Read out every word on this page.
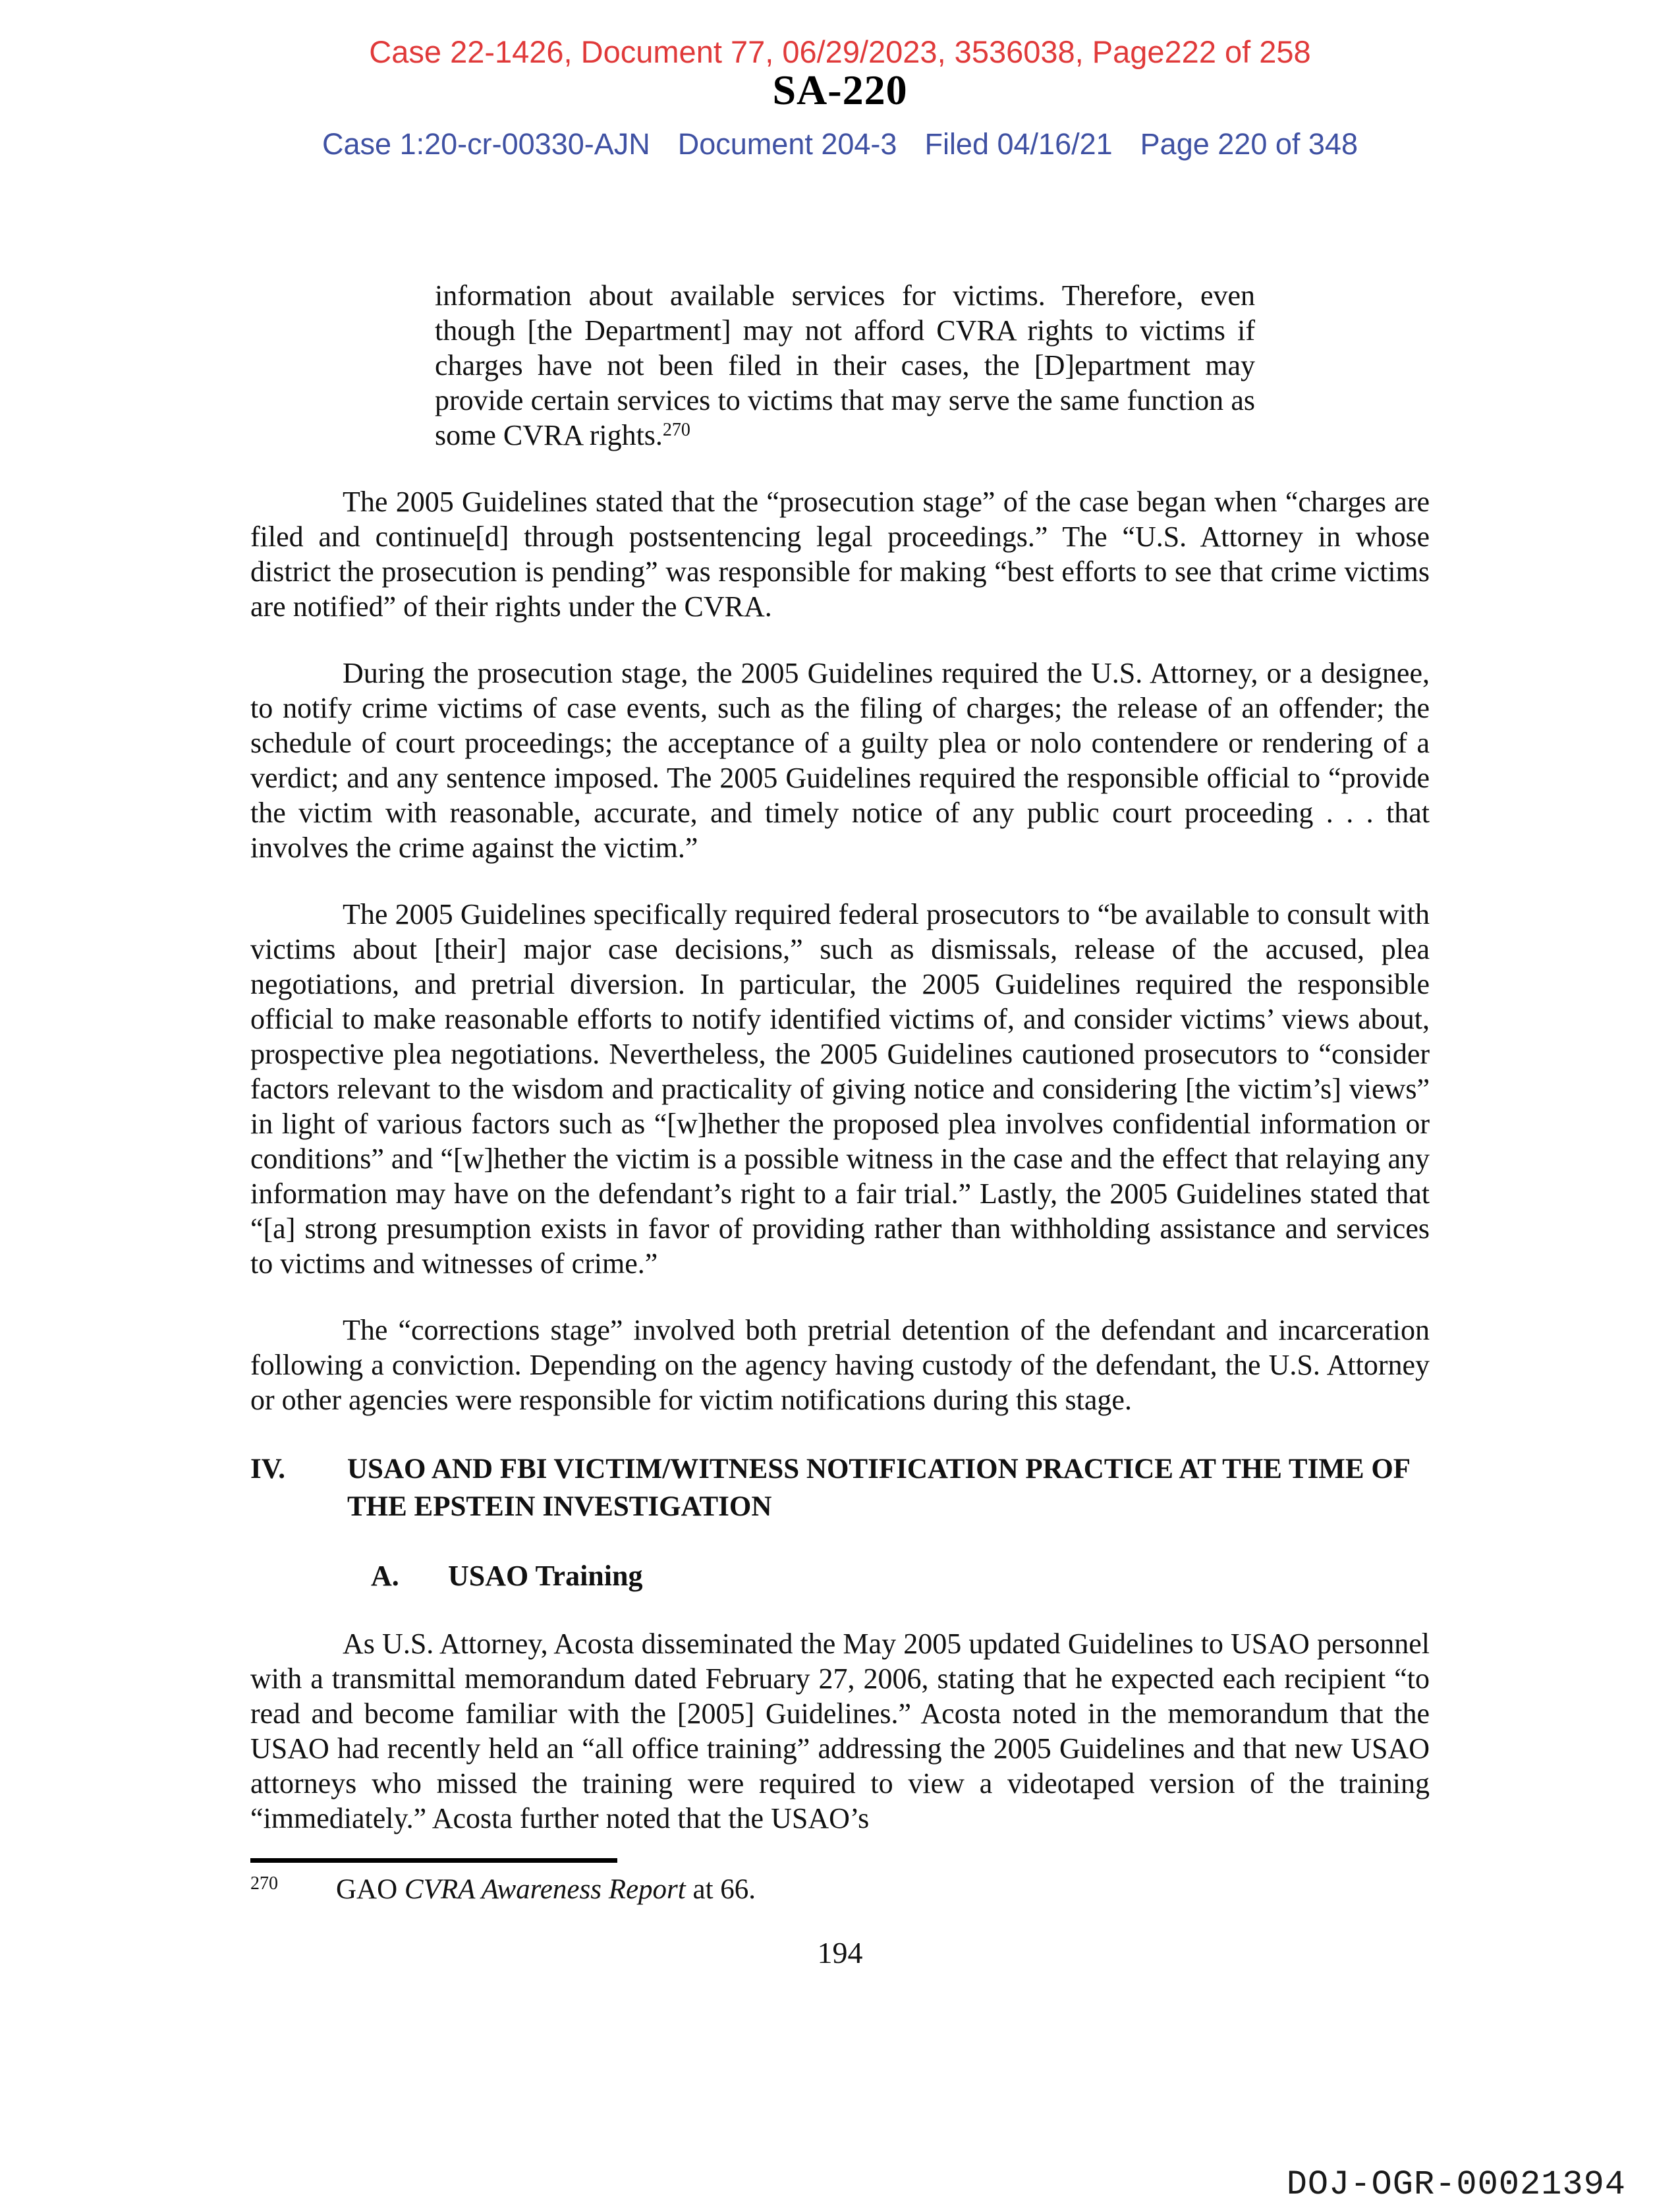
Case 22-1426, Document 77, 06/29/2023, 3536038, Page222 of 258
SA-220
Case 1:20-cr-00330-AJN Document 204-3 Filed 04/16/21 Page 220 of 348
information about available services for victims. Therefore, even though [the Department] may not afford CVRA rights to victims if charges have not been filed in their cases, the [D]epartment may provide certain services to victims that may serve the same function as some CVRA rights.$^{270}$

The 2005 Guidelines stated that the “prosecution stage” of the case began when “charges are filed and continue[d] through postsentencing legal proceedings.” The “U.S. Attorney in whose district the prosecution is pending” was responsible for making “best efforts to see that crime victims are notified” of their rights under the CVRA.

During the prosecution stage, the 2005 Guidelines required the U.S. Attorney, or a designee, to notify crime victims of case events, such as the filing of charges; the release of an offender; the schedule of court proceedings; the acceptance of a guilty plea or nolo contendere or rendering of a verdict; and any sentence imposed. The 2005 Guidelines required the responsible official to “provide the victim with reasonable, accurate, and timely notice of any public court proceeding . . . that involves the crime against the victim.”

The 2005 Guidelines specifically required federal prosecutors to “be available to consult with victims about [their] major case decisions,” such as dismissals, release of the accused, plea negotiations, and pretrial diversion. In particular, the 2005 Guidelines required the responsible official to make reasonable efforts to notify identified victims of, and consider victims’ views about, prospective plea negotiations. Nevertheless, the 2005 Guidelines cautioned prosecutors to “consider factors relevant to the wisdom and practicality of giving notice and considering [the victim’s] views” in light of various factors such as “[w]hether the proposed plea involves confidential information or conditions” and “[w]hether the victim is a possible witness in the case and the effect that relaying any information may have on the defendant’s right to a fair trial.” Lastly, the 2005 Guidelines stated that “[a] strong presumption exists in favor of providing rather than withholding assistance and services to victims and witnesses of crime.”

The “corrections stage” involved both pretrial detention of the defendant and incarceration following a conviction. Depending on the agency having custody of the defendant, the U.S. Attorney or other agencies were responsible for victim notifications during this stage.

IV.	USAO AND FBI VICTIM/WITNESS NOTIFICATION PRACTICE AT THE TIME OF THE EPSTEIN INVESTIGATION
A.	USAO Training

As U.S. Attorney, Acosta disseminated the May 2005 updated Guidelines to USAO personnel with a transmittal memorandum dated February 27, 2006, stating that he expected each recipient “to read and become familiar with the [2005] Guidelines.” Acosta noted in the memorandum that the USAO had recently held an “all office training” addressing the 2005 Guidelines and that new USAO attorneys who missed the training were required to view a videotaped version of the training “immediately.” Acosta further noted that the USAO’s

$^{270}$ GAO CVRA Awareness Report at 66.
194
DOJ-OGR-00021394
